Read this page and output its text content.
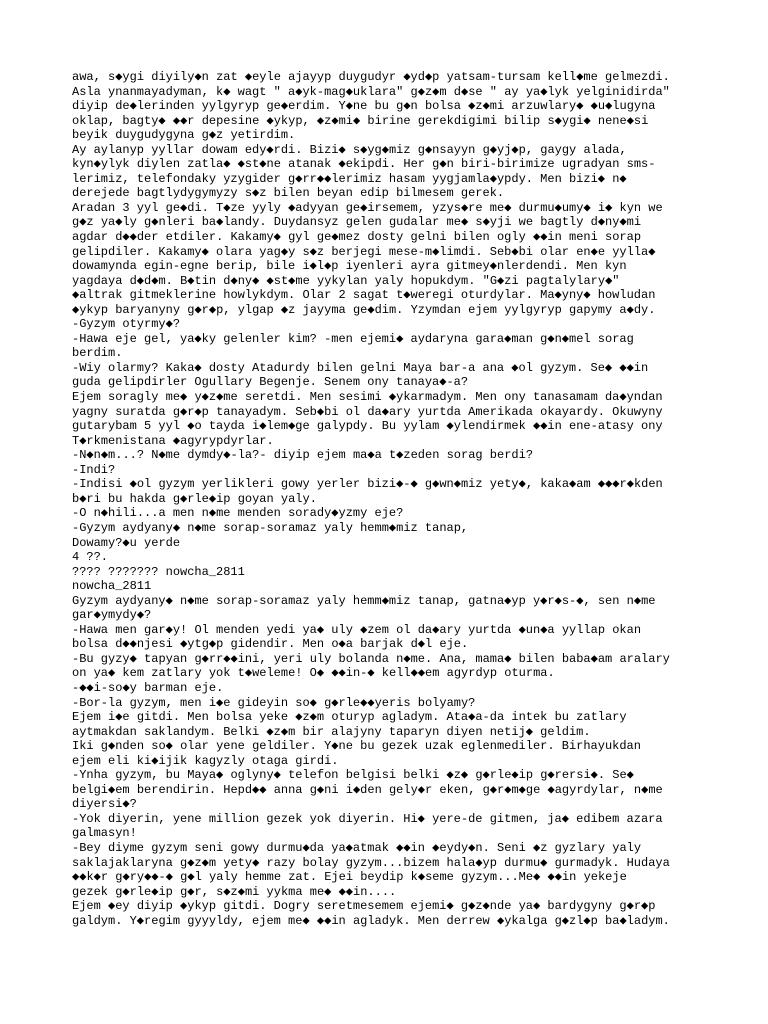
awa, s◆ygi diyily◆n zat ◆eyle ajayyp duygudyr ◆yd◆p yatsam-tursam kell◆me gelmezdi.
Asla ynanmayadyman, k◆ wagt " a◆yk-mag◆uklara" g◆z◆m d◆se " ay ya◆lyk yelginidirda"
diyip de◆lerinden yylgyryp ge◆erdim. Y◆ne bu g◆n bolsa ◆z◆mi arzuwlary◆ ◆u◆lugyna
oklap, bagty◆ ◆◆r depesine ◆ykyp, ◆z◆mi◆ birine gerekdigimi bilip s◆ygi◆ nene◆si
beyik duygudygyna g◆z yetirdim.
Ay aylanyp yyllar dowam edy◆rdi. Bizi◆ s◆yg◆miz g◆nsayyn g◆yj◆p, gaygy alada,
kyn◆ylyk diylen zatla◆ ◆st◆ne atanak ◆ekipdi. Her g◆n biri-birimize ugradyan sms-
lerimiz, telefondaky yzygider g◆rr◆◆lerimiz hasam yygjamla◆ypdy. Men bizi◆ n◆
derejede bagtlydygymyzy s◆z bilen beyan edip bilmesem gerek.
Aradan 3 yyl ge◆di. T◆ze yyly ◆adyyan ge◆irsemem, yzys◆re me◆ durmu◆umy◆ i◆ kyn we
g◆z ya◆ly g◆nleri ba◆landy. Duydansyz gelen gudalar me◆ s◆yji we bagtly d◆ny◆mi
agdar d◆◆der etdiler. Kakamy◆ gyl ge◆mez dosty gelni bilen ogly ◆◆in meni sorap
gelipdiler. Kakamy◆ olara yag◆y s◆z berjegi mese-m◆limdi. Seb◆bi olar en◆e yylla◆
dowamynda egin-egne berip, bile i◆l◆p iyenleri ayra gitmey◆nlerdendi. Men kyn
yagdaya d◆d◆m. B◆tin d◆ny◆ ◆st◆me yykylan yaly hopukdym. "G◆zi pagtalylary◆"
◆altrak gitmeklerine howlykdym. Olar 2 sagat t◆weregi oturdylar. Ma◆yny◆ howludan
◆ykyp baryanyny g◆r◆p, ylgap ◆z jayyma ge◆dim. Yzymdan ejem yylgyryp gapymy a◆dy.
-Gyzym otyrmy◆?
-Hawa eje gel, ya◆ky gelenler kim? -men ejemi◆ aydaryna gara◆man g◆n◆mel sorag
berdim.
-Wiy olarmy? Kaka◆ dosty Atadurdy bilen gelni Maya bar-a ana ◆ol gyzym. Se◆ ◆◆in
guda gelipdirler Ogullary Begenje. Senem ony tanaya◆-a?
Ejem soragly me◆ y◆z◆me seretdi. Men sesimi ◆ykarmadym. Men ony tanasamam da◆yndan
yagny suratda g◆r◆p tanayadym. Seb◆bi ol da◆ary yurtda Amerikada okayardy. Okuwyny
gutarybam 5 yyl ◆o tayda i◆lem◆ge galypdy. Bu yylam ◆ylendirmek ◆◆in ene-atasy ony
T◆rkmenistana ◆agyrypdyrlar.
-N◆n◆m...? N◆me dymdy◆-la?- diyip ejem ma◆a t◆zeden sorag berdi?
-Indi?
-Indisi ◆ol gyzym yerlikleri gowy yerler bizi◆-◆ g◆wn◆miz yety◆, kaka◆am ◆◆◆r◆kden
b◆ri bu hakda g◆rle◆ip goyan yaly.
-O n◆hili...a men n◆me menden sorady◆yzmy eje?
-Gyzym aydyany◆ n◆me sorap-soramaz yaly hemm◆miz tanap,
Dowamy?◆u yerde
4 ??.
???? ??????? nowcha_2811
nowcha_2811
Gyzym aydyany◆ n◆me sorap-soramaz yaly hemm◆miz tanap, gatna◆yp y◆r◆s-◆, sen n◆me
gar◆ymydy◆?
-Hawa men gar◆y! Ol menden yedi ya◆ uly ◆zem ol da◆ary yurtda ◆un◆a yyllap okan
bolsa d◆◆njesi ◆ytg◆p gidendir. Men o◆a barjak d◆l eje.
-Bu gyzy◆ tapyan g◆rr◆◆ini, yeri uly bolanda n◆me. Ana, mama◆ bilen baba◆am aralary
on ya◆ kem zatlary yok t◆weleme! O◆ ◆◆in-◆ kell◆◆em agyrdyp oturma.
-◆◆i-so◆y barman eje.
-Bor-la gyzym, men i◆e gideyin so◆ g◆rle◆◆yeris bolyamy?
Ejem i◆e gitdi. Men bolsa yeke ◆z◆m oturyp agladym. Ata◆a-da intek bu zatlary
aytmakdan saklandym. Belki ◆z◆m bir alajyny taparyn diyen netij◆ geldim.
Iki g◆nden so◆ olar yene geldiler. Y◆ne bu gezek uzak eglenmediler. Birhayukdan
ejem eli ki◆ijik kagyzly otaga girdi.
-Ynha gyzym, bu Maya◆ oglyny◆ telefon belgisi belki ◆z◆ g◆rle◆ip g◆rersi◆. Se◆
belgi◆em berendirin. Hepd◆◆ anna g◆ni i◆den gely◆r eken, g◆r◆m◆ge ◆agyrdylar, n◆me
diyersi◆?
-Yok diyerin, yene million gezek yok diyerin. Hi◆ yere-de gitmen, ja◆ edibem azara
galmasyn!
-Bey diyme gyzym seni gowy durmu◆da ya◆atmak ◆◆in ◆eydy◆n. Seni ◆z gyzlary yaly
saklajaklaryna g◆z◆m yety◆ razy bolay gyzym...bizem hala◆yp durmu◆ gurmadyk. Hudaya
◆◆k◆r g◆ry◆◆-◆ g◆l yaly hemme zat. Ejei beydip k◆seme gyzym...Me◆ ◆◆in yekeje
gezek g◆rle◆ip g◆r, s◆z◆mi yykma me◆ ◆◆in....
Ejem ◆ey diyip ◆ykyp gitdi. Dogry seretmesemem ejemi◆ g◆z◆nde ya◆ bardygyny g◆r◆p
galdym. Y◆regim gyyyldy, ejem me◆ ◆◆in agladyk. Men derrew ◆ykalga g◆zl◆p ba◆ladym.
